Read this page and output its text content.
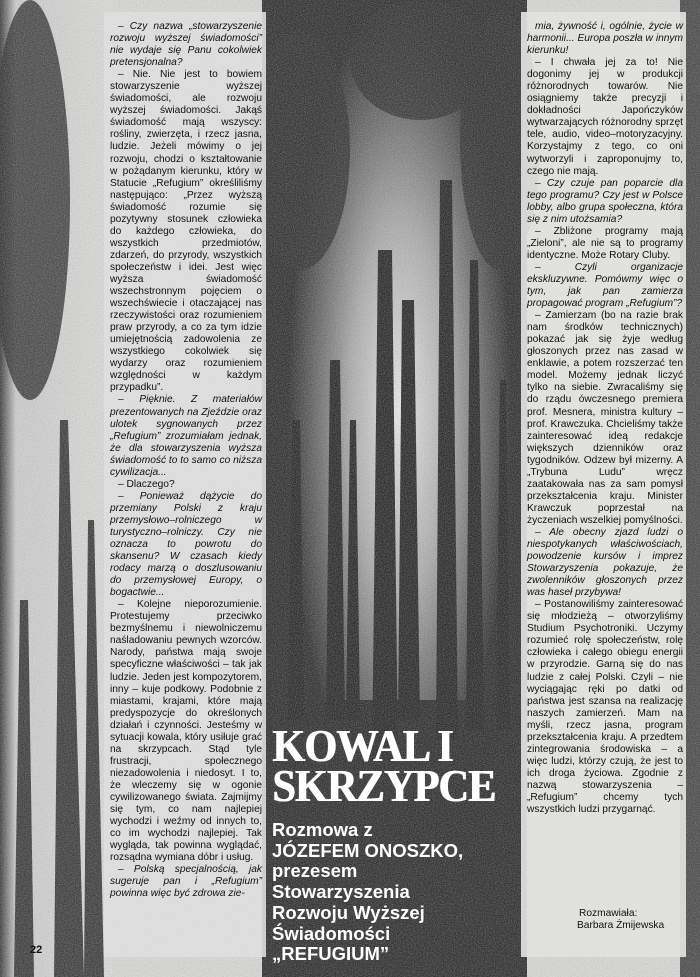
– Czy nazwa „stowarzyszenie rozwoju wyższej świadomości” nie wydaje się Panu cokolwiek pretensjonalna?

– Nie. Nie jest to bowiem stowarzyszenie wyższej świadomości, ale rozwoju wyższej świadomości. Jakąś świadomość mają wszyscy: rośliny, zwierzęta, i rzecz jasna, ludzie. Jeżeli mówimy o jej rozwoju, chodzi o kształtowanie w pożądanym kierunku, który w Statucie „Refugium” określiliśmy następująco: „Przez wyższą świadomość rozumie się pozytywny stosunek człowieka do każdego człowieka, do wszystkich przedmiotów, zdarzeń, do przyrody, wszystkich społeczeństw i idei. Jest więc wyższa świadomość wszechstronnym pojęciem o wszechświecie i otaczającej nas rzeczywistości oraz rozumieniem praw przyrody, a co za tym idzie umiejętnością zadowolenia ze wszystkiego cokolwiek się wydarzy oraz rozumieniem względności w każdym przypadku”.

– Pięknie. Z materiałów prezentowanych na Zjeździe oraz ulotek sygnowanych przez „Refugium” zrozumiałam jednak, że dla stowarzyszenia wyższa świadomość to to samo co niższa cywilizacja...

– Dlaczego?

– Ponieważ dążycie do przemiany Polski z kraju przemysłowo–rolniczego w turystyczno–rolniczy. Czy nie oznacza to powrotu do skansenu? W czasach kiedy rodacy marzą o doszlusowaniu do przemysłowej Europy, o bogactwie...

– Kolejne nieporozumienie. Protestujemy przeciwko bezmyślnemu i niewolniczemu naśladowaniu pewnych wzorców. Narody, państwa mają swoje specyficzne właściwości – tak jak ludzie. Jeden jest kompozytorem, inny – kuje podkowy. Podobnie z miastami, krajami, które mają predyspozycje do określonych działań i czynności. Jesteśmy w sytuacji kowala, który usiłuje grać na skrzypcach. Stąd tyle frustracji, społecznego niezadowolenia i niedosyt. I to, że wleczemy się w ogonie cywilizowanego świata. Zajmijmy się tym, co nam najlepiej wychodzi i weźmy od innych to, co im wychodzi najlepiej. Tak wygląda, tak powinna wyglądać, rozsądna wymiana dóbr i usług.

– Polską specjalnością, jak sugeruje pan i „Refugium” powinna więc być zdrowa zie-

mia, żywność i, ogólnie, życie w harmonii... Europa poszła w innym kierunku!

– I chwała jej za to! Nie dogonimy jej w produkcji różnorodnych towarów. Nie osiągniemy także precyzji i dokładności Japończyków wytwarzających różnorodny sprzęt tele, audio, video–motoryzacyjny. Korzystajmy z tego, co oni wytworzyli i zaproponujmy to, czego nie mają.

– Czy czuje pan poparcie dla tego programu? Czy jest w Polsce lobby, albo grupa społeczna, która się z nim utożsamia?

– Zbliżone programy mają „Zieloni”, ale nie są to programy identyczne. Może Rotary Cluby.

– Czyli organizacje ekskluzywne. Pomówmy więc o tym, jak pan zamierza propagować program „Refugium”?

– Zamierzam (bo na razie brak nam środków technicznych) pokazać jak się żyje według głoszonych przez nas zasad w enklawie, a potem rozszerzać ten model. Możemy jednak liczyć tylko na siebie. Zwracaliśmy się do rządu ówczesnego premiera prof. Mesnera, ministra kultury – prof. Krawczuka. Chcieliśmy także zainteresować ideą redakcje większych dzienników oraz tygodników. Odzew był mizerny. A „Trybuna Ludu” wręcz zaatakowała nas za sam pomysł przekształcenia kraju. Minister Krawczuk poprzestał na życzeniach wszelkiej pomyślności.

– Ale obecny zjazd ludzi o niespotykanych właściwościach, powodzenie kursów i imprez Stowarzyszenia pokazuje, że zwolenników głoszonych przez was haseł przybywa!

– Postanowiliśmy zainteresować się młodzieżą – otworzyliśmy Studium Psychotroniki. Uczymy rozumieć rolę społeczeństw, rolę człowieka i całego obiegu energii w przyrodzie. Garną się do nas ludzie z całej Polski. Czyli – nie wyciągając ręki po datki od państwa jest szansa na realizację naszych zamierzeń. Mam na myśli, rzecz jasna, program przekształcenia kraju. A przedtem zintegrowania środowiska – a więc ludzi, którzy czują, że jest to ich droga życiowa. Zgodnie z nazwą stowarzyszenia – „Refugium” chcemy tych wszystkich ludzi przygarnąć.

KOWAL I
SKRZYPCE
Rozmowa z
JÓZEFEM ONOSZKO,
prezesem
Stowarzyszenia
Rozwoju Wyższej
Świadomości
„REFUGIUM”
Rozmawiała:
Barbara Żmijewska
22
